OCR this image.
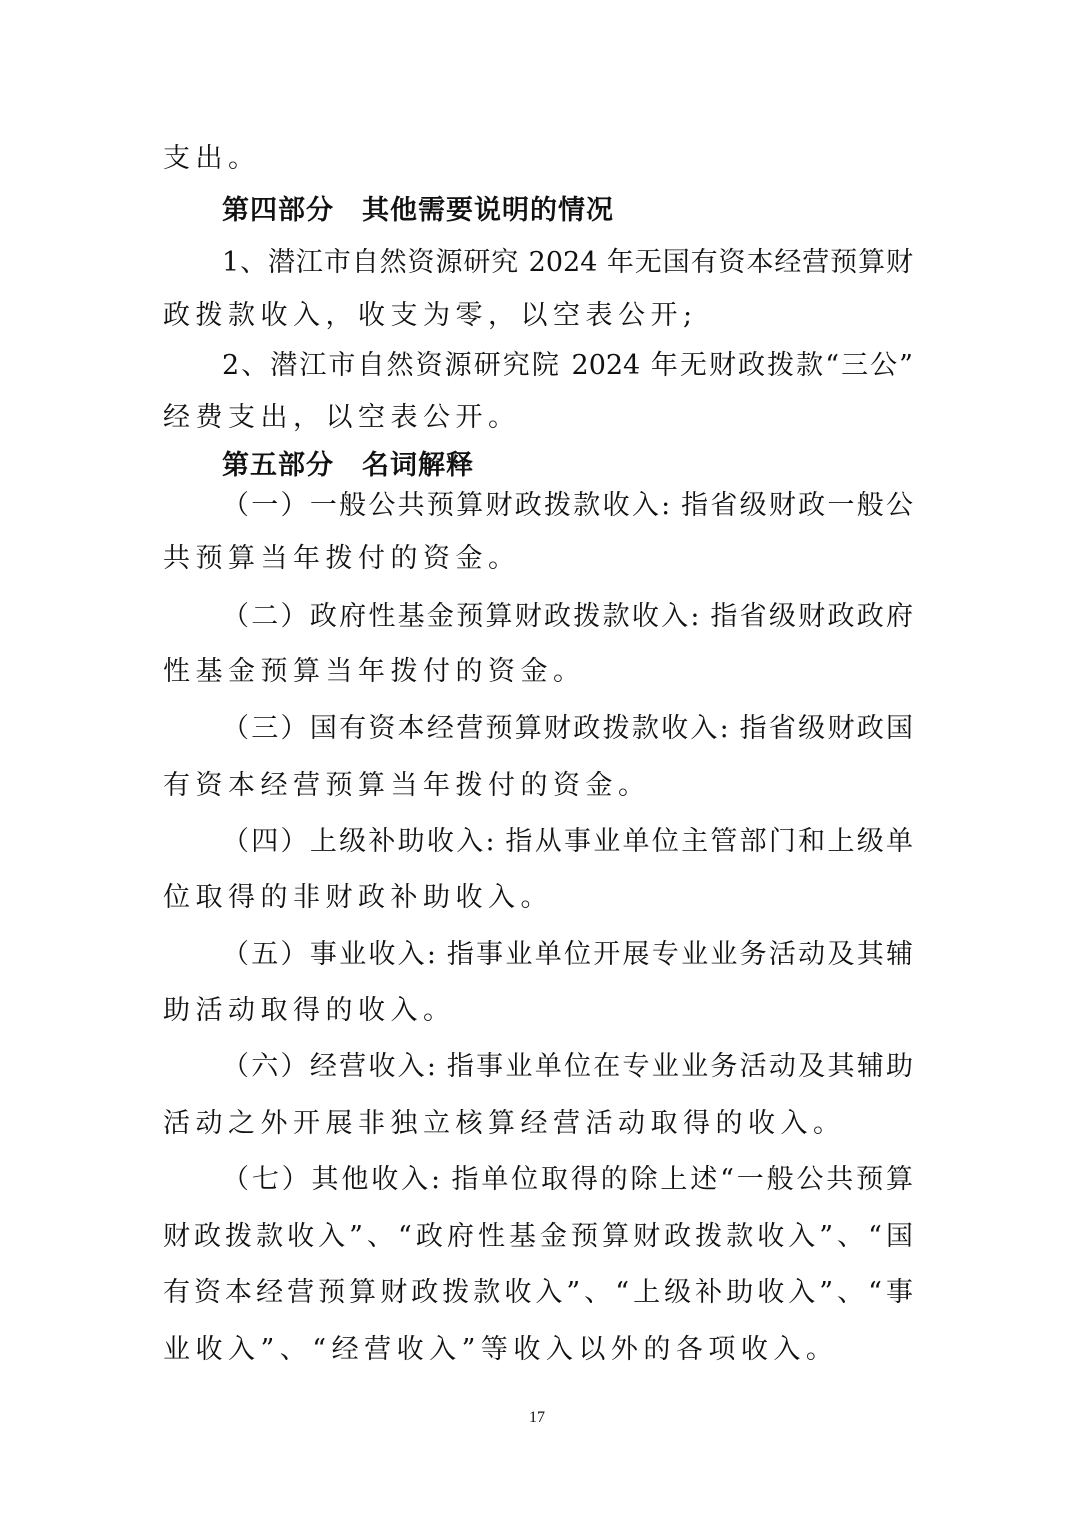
支出。
第四部分　其他需要说明的情况
1、潜江市自然资源研究 2024 年无国有资本经营预算财
政拨款收入，收支为零，以空表公开;
2、潜江市自然资源研究院 2024 年无财政拨款“三公”
经费支出，以空表公开。
第五部分　名词解释
（一）一般公共预算财政拨款收入: 指省级财政一般公
共预算当年拨付的资金。
（二）政府性基金预算财政拨款收入: 指省级财政政府
性基金预算当年拨付的资金。
（三）国有资本经营预算财政拨款收入: 指省级财政国
有资本经营预算当年拨付的资金。
（四）上级补助收入: 指从事业单位主管部门和上级单
位取得的非财政补助收入。
（五）事业收入: 指事业单位开展专业业务活动及其辅
助活动取得的收入。
（六）经营收入: 指事业单位在专业业务活动及其辅助
活动之外开展非独立核算经营活动取得的收入。
（七）其他收入: 指单位取得的除上述“一般公共预算
财政拨款收入”、“政府性基金预算财政拨款收入”、“国
有资本经营预算财政拨款收入”、“上级补助收入”、“事
业收入”、“经营收入”等收入以外的各项收入。
17
